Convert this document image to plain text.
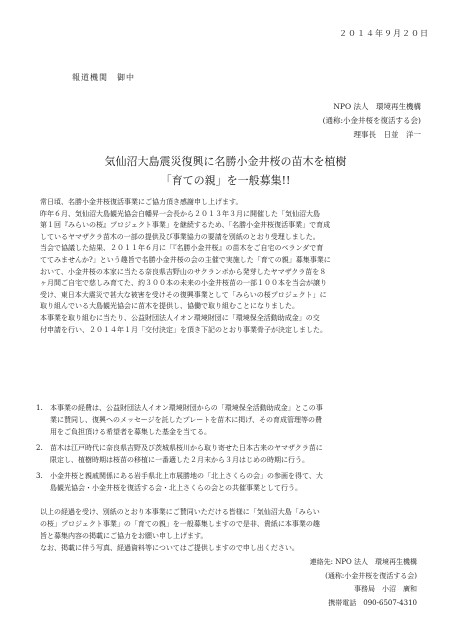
２０１４年９月２０日
報道機関　御中
NPO 法人　環境再生機構
(通称:小金井桜を復活する会)
理事長　日並　洋一
気仙沼大島震災復興に名勝小金井桜の苗木を植樹
「育ての親」を一般募集!!

常日頃、名勝小金井桜復活事業にご協力頂き感謝申し上げます。

昨年６月、気仙沼大島観光協会白幡昇一会長から２０１３年３月に開催した「気仙沼大島

第１回『みらいの桜』プロジェクト事業」を継続するため、「名勝小金井桜復活事業」で育成

しているヤマザクラ苗木の一部の提供及び事業協力の要請を別紙のとおり受理しました。

当会で協議した結果、２０１１年６月に「『名勝小金井桜』の苗木をご自宅のベランダで育

ててみませんか?」という趣旨で名勝小金井桜の会の主催で実施した「育ての親」募集事業に

おいて、小金井桜の本家に当たる奈良県吉野山のサクランボから発芽したヤマザクラ苗を８

ヶ月間ご自宅で慈しみ育てた、約３００本の未来の小金井桜苗の一部１００本を当会が譲り

受け、東日本大震災で甚大な被害を受けその復興事業として「みらいの桜プロジェクト」に

取り組んでいる大島観光協会に苗木を提供し、協働で取り組むことになりました。

本事業を取り組むに当たり、公益財団法人イオン環境財団に「環境保全活動助成金」の交

付申請を行い、２０１４年１月「交付決定」を頂き下記のとおり事業骨子が決定しました。

1.	本事業の経費は、公益財団法人イオン環境財団からの「環境保全活動助成金」とこの事
業に賛同し、復興へのメッセージを託したプレートを苗木に掲げ、その育成管理等の費
用をご負担頂ける希望者を募集した基金を当てる。
2.	苗木は江戸時代に奈良県吉野及び茨城県桜川から取り寄せた日本古来のヤマザクラ苗に
限定し、植樹時期は桜苗の移植に一番適した２月末から３月はじめの時期に行う。
3.	小金井桜と親戚関係にある岩手県北上市展勝地の「北上さくらの会」の参画を得て、大
島観光協会・小金井桜を復活する会・北上さくらの会との共催事業として行う。

以上の経過を受け、別紙のとおり本事業にご賛同いただける皆様に「気仙沼大島「みらい

の桜」プロジェクト事業」の「育ての親」を一般募集しますので是非、貴紙に本事業の趣

旨と募集内容の掲載にご協力をお願い申し上げます。

なお、掲載に伴う写真、経過資料等についてはご提供しますので申し出ください。

連絡先: NPO 法人　環境再生機構
(通称:小金井桜を復活する会)
事務局　小沼　廣和
携帯電話　090-6507-4310
